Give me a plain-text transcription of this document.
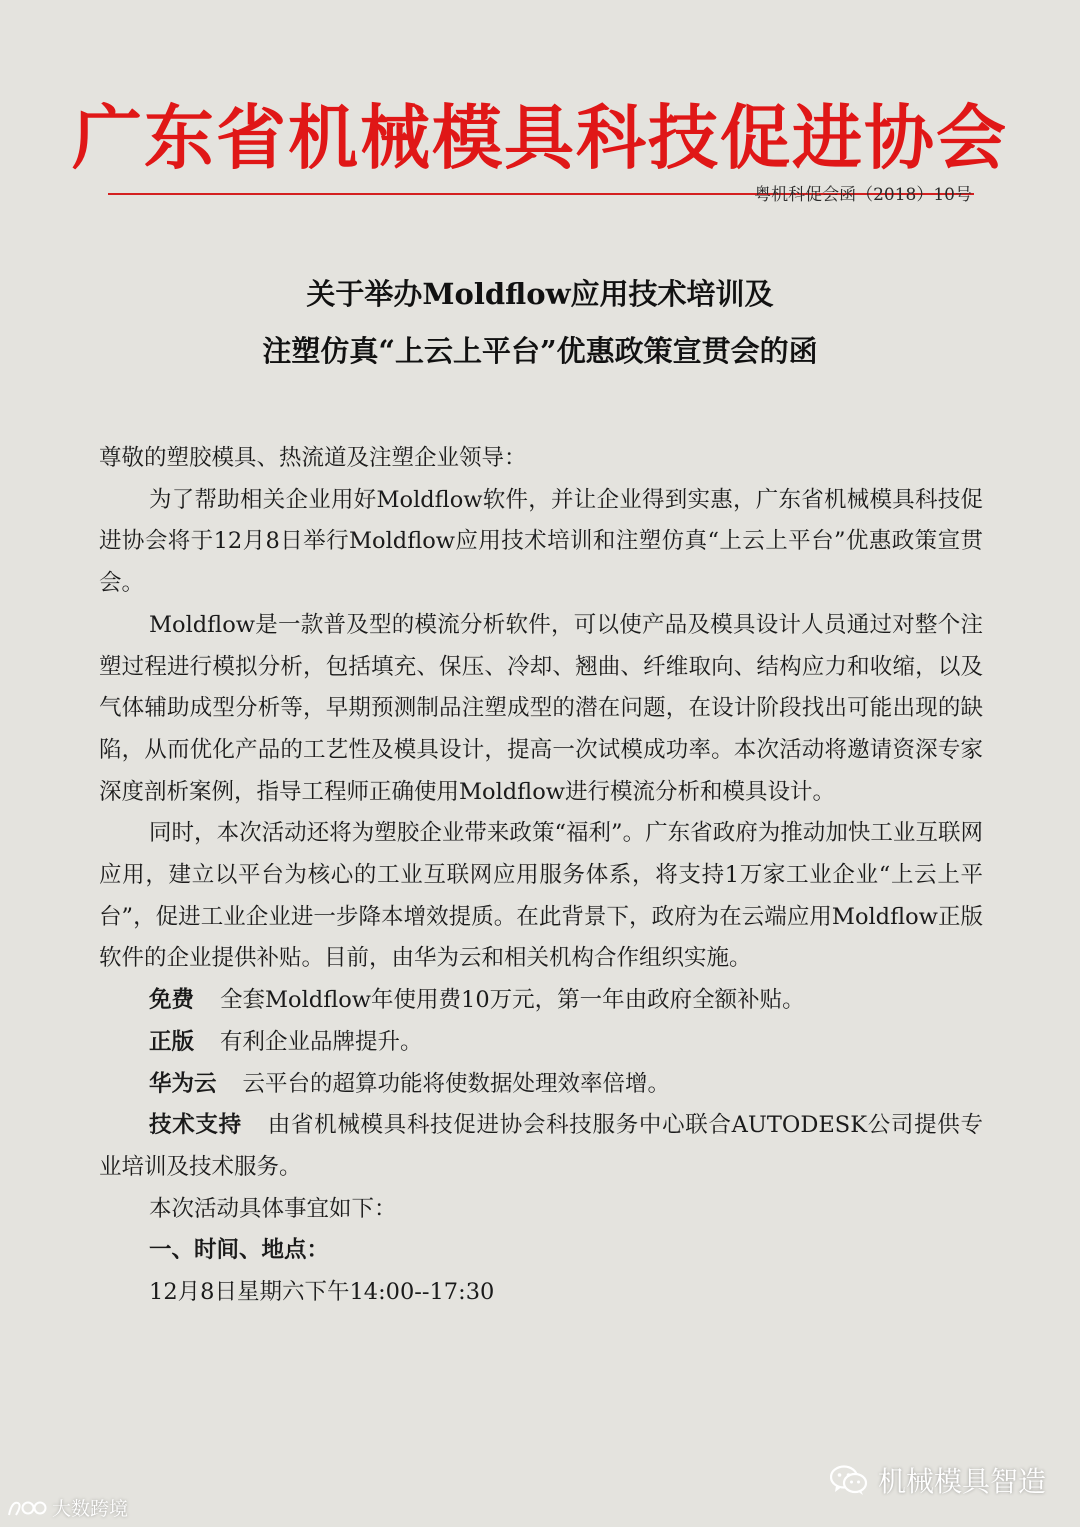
广东省机械模具科技促进协会
粤机科促会函（2018）10号
关于举办Moldflow应用技术培训及
注塑仿真“上云上平台”优惠政策宣贯会的函

尊敬的塑胶模具、热流道及注塑企业领导：

为了帮助相关企业用好Moldflow软件，并让企业得到实惠，广东省机械模具科技促进协会将于12月8日举行Moldflow应用技术培训和注塑仿真“上云上平台”优惠政策宣贯会。

Moldflow是一款普及型的模流分析软件，可以使产品及模具设计人员通过对整个注塑过程进行模拟分析，包括填充、保压、冷却、翘曲、纤维取向、结构应力和收缩，以及气体辅助成型分析等，早期预测制品注塑成型的潜在问题，在设计阶段找出可能出现的缺陷，从而优化产品的工艺性及模具设计，提高一次试模成功率。本次活动将邀请资深专家深度剖析案例，指导工程师正确使用Moldflow进行模流分析和模具设计。

同时，本次活动还将为塑胶企业带来政策“福利”。广东省政府为推动加快工业互联网应用，建立以平台为核心的工业互联网应用服务体系，将支持1万家工业企业“上云上平台”，促进工业企业进一步降本增效提质。在此背景下，政府为在云端应用Moldflow正版软件的企业提供补贴。目前，由华为云和相关机构合作组织实施。

免费 全套Moldflow年使用费10万元，第一年由政府全额补贴。

正版 有利企业品牌提升。

华为云 云平台的超算功能将使数据处理效率倍增。

技术支持 由省机械模具科技促进协会科技服务中心联合AUTODESK公司提供专业培训及技术服务。

本次活动具体事宜如下：

一、时间、地点：

12月8日星期六下午14:00--17:30

机械模具智造
大数跨境
